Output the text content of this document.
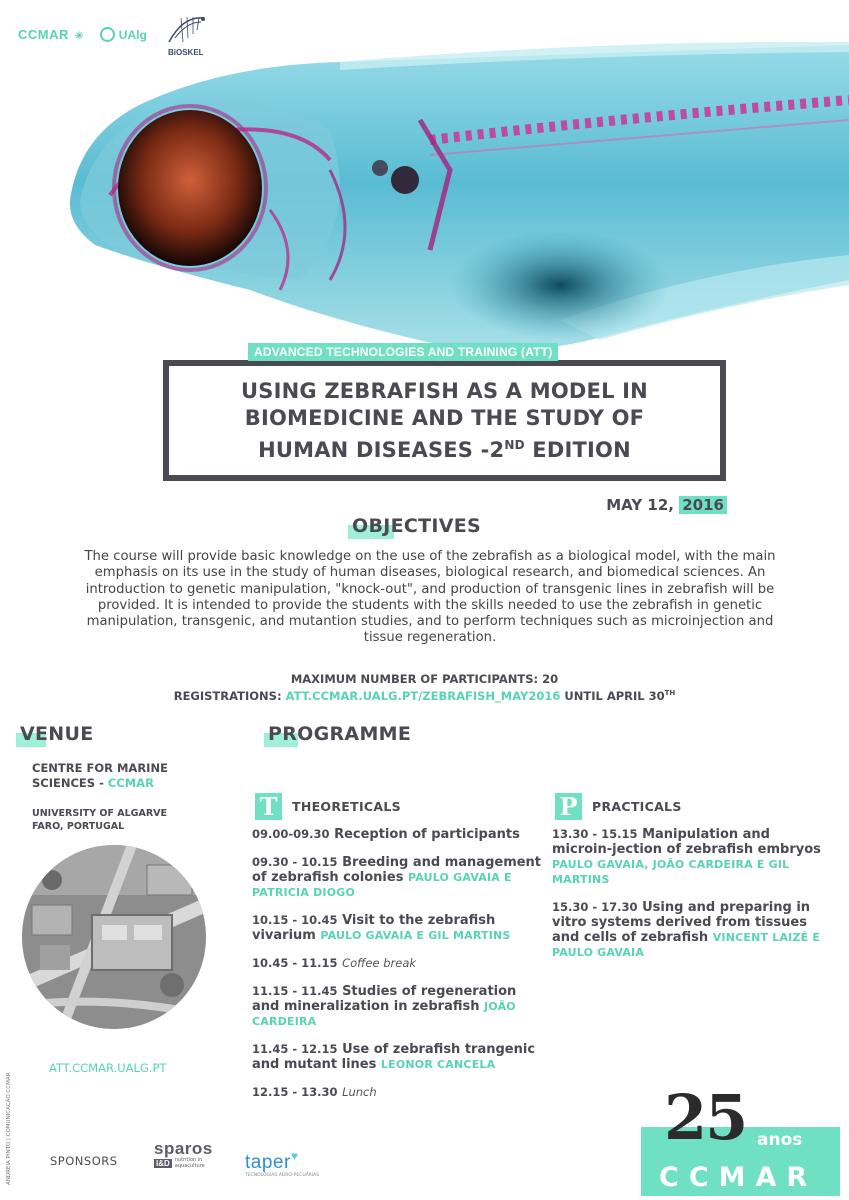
CCMAR ✳	UAlg
BiOSKEL
ADVANCED TECHNOLOGIES AND TRAINING (ATT)
USING ZEBRAFISH AS A MODEL IN
BIOMEDICINE AND THE STUDY OF
HUMAN DISEASES -2ND EDITION
MAY 12, 2016
OBJECTIVES
The course will provide basic knowledge on the use of the zebrafish as a biological model, with the main emphasis on its use in the study of human diseases, biological research, and biomedical sciences. An introduction to genetic manipulation, "knock-out", and production of transgenic lines in zebrafish will be provided. It is intended to provide the students with the skills needed to use the zebrafish in genetic manipulation, transgenic, and mutantion studies, and to perform techniques such as microinjection and tissue regeneration.
MAXIMUM NUMBER OF PARTICIPANTS: 20
REGISTRATIONS: ATT.CCMAR.UALG.PT/ZEBRAFISH_MAY2016 UNTIL APRIL 30TH
VENUE
CENTRE FOR MARINE
SCIENCES - CCMAR
UNIVERSITY OF ALGARVE
FARO, PORTUGAL
ATT.CCMAR.UALG.PT
ANDREIA PINTO | COMUNICAÇÃO CCMAR
PROGRAMME
T	THEORETICALS	P	PRACTICALS
09.00-09.30 Reception of participants
09.30 - 10.15 Breeding and management of zebrafish colonies PAULO GAVAIA E PATRICIA DIOGO
10.15 - 10.45 Visit to the zebrafish vivarium PAULO GAVAIA E GIL MARTINS
10.45 - 11.15 Coffee break
11.15 - 11.45 Studies of regeneration and mineralization in zebrafish JOÃO CARDEIRA
11.45 - 12.15 Use of zebrafish trangenic and mutant lines LEONOR CANCELA
12.15 - 13.30 Lunch
13.30 - 15.15 Manipulation and microin-jection of zebrafish embryos PAULO GAVAIA, JOÃO CARDEIRA E GIL MARTINS
15.30 - 17.30 Using and preparing in vitro systems derived from tissues and cells of zebrafish VINCENT LAIZÉ E PAULO GAVAIA
SPONSORS
sparos
I&D	nutrition in aquaculture	taper♥
TECNOLOGIAS AGRO-PECUÁRIAS
25 anos
CCMAR
